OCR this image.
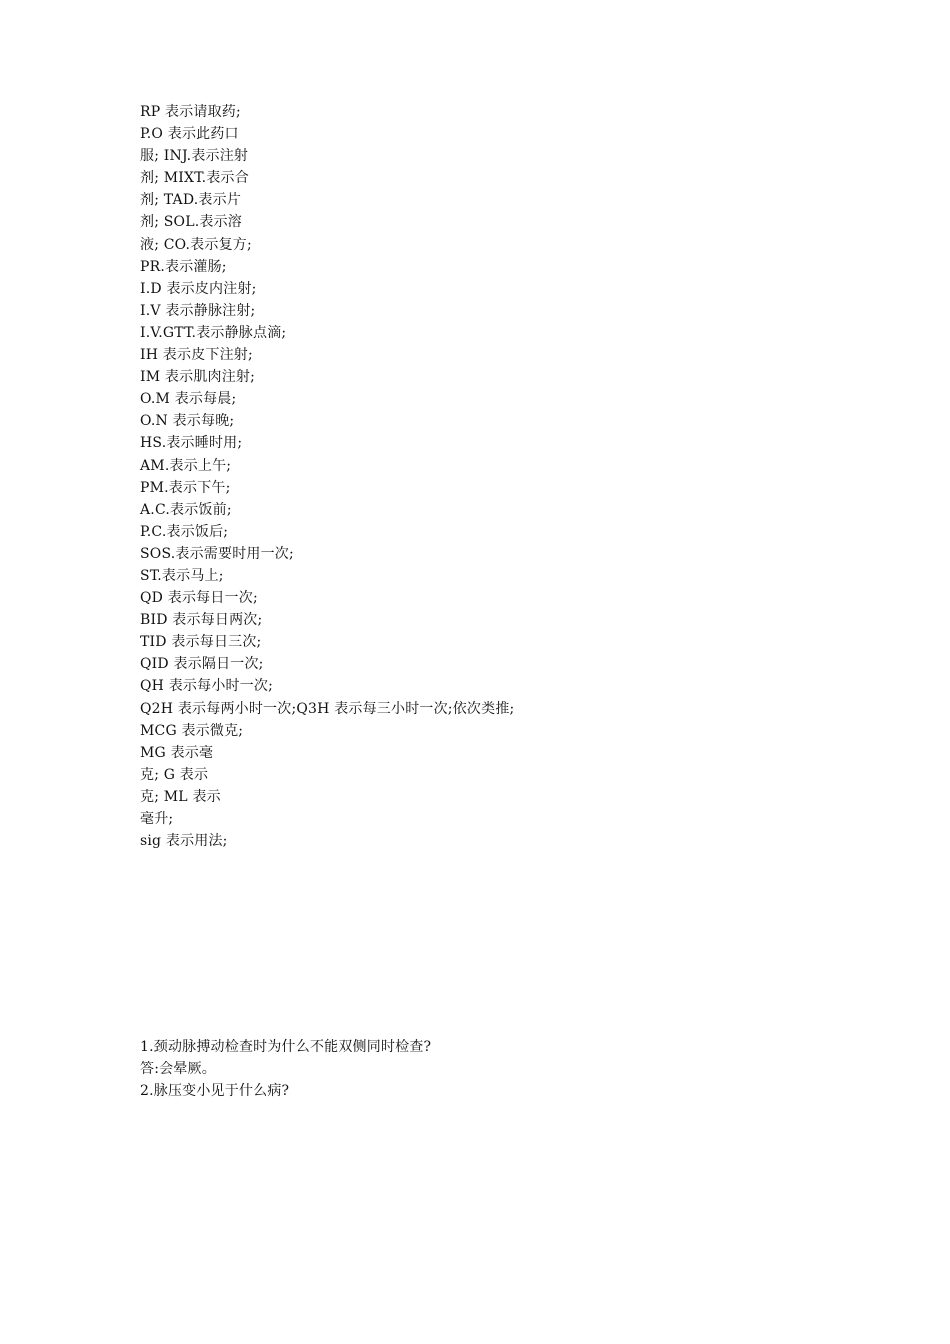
RP 表示请取药;
P.O 表示此药口
服; INJ.表示注射
剂; MIXT.表示合
剂; TAD.表示片
剂; SOL.表示溶
液; CO.表示复方;
PR.表示灌肠;
I.D 表示皮内注射;
I.V 表示静脉注射;
I.V.GTT.表示静脉点滴;
IH 表示皮下注射;
IM 表示肌肉注射;
O.M 表示每晨;
O.N 表示每晚;
HS.表示睡时用;
AM.表示上午;
PM.表示下午;
A.C.表示饭前;
P.C.表示饭后;
SOS.表示需要时用一次;
ST.表示马上;
QD 表示每日一次;
BID 表示每日两次;
TID 表示每日三次;
QID 表示隔日一次;
QH 表示每小时一次;
Q2H 表示每两小时一次;Q3H 表示每三小时一次;依次类推;
MCG 表示微克;
MG 表示毫
克; G 表示
克; ML 表示
毫升;
sig 表示用法;
1.颈动脉搏动检查时为什么不能双侧同时检查?
答:会晕厥。
2.脉压变小见于什么病?
